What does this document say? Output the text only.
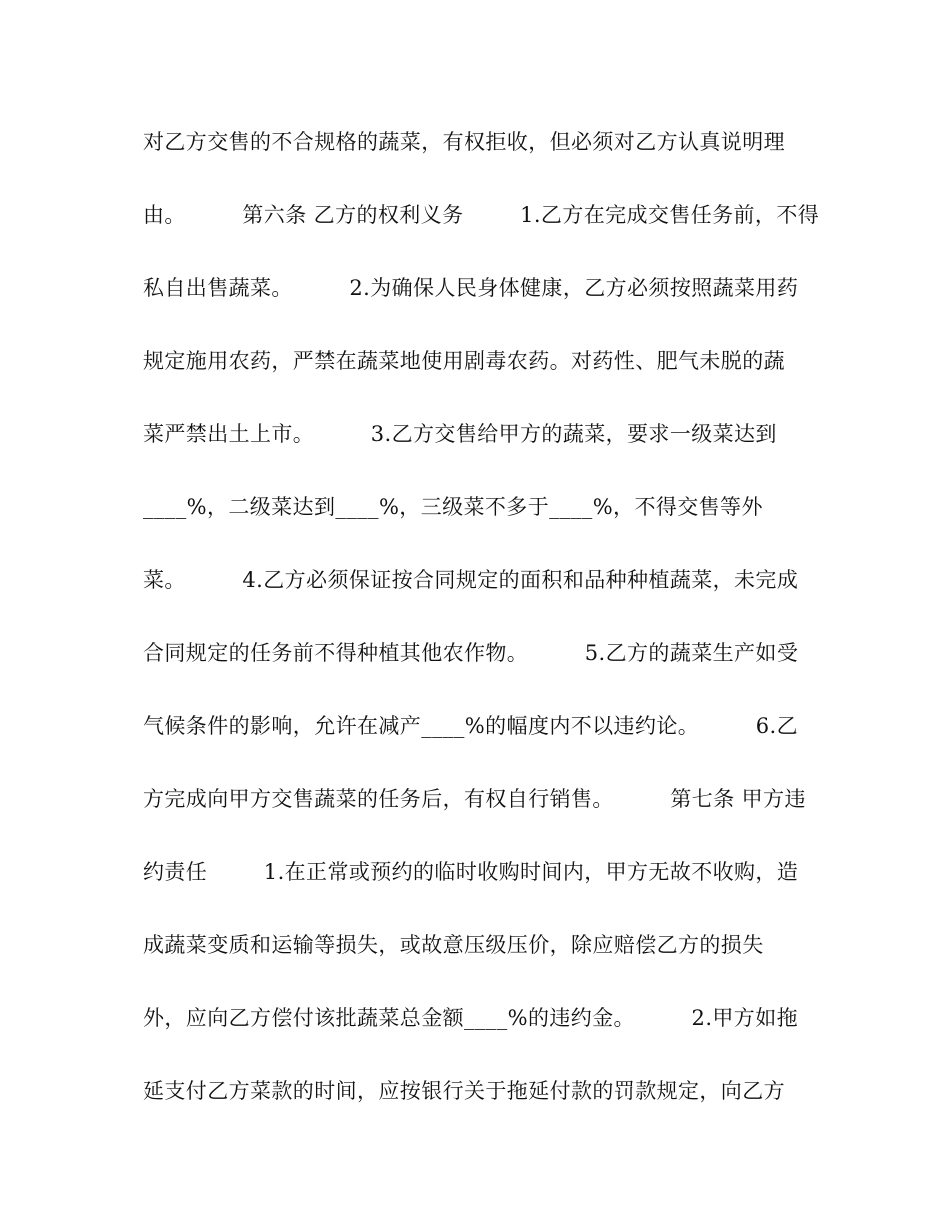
对乙方交售的不合规格的蔬菜，有权拒收，但必须对乙方认真说明理
由。        第六条 乙方的权利义务        1.乙方在完成交售任务前，不得
私自出售蔬菜。        2.为确保人民身体健康，乙方必须按照蔬菜用药
规定施用农药，严禁在蔬菜地使用剧毒农药。对药性、肥气未脱的蔬
菜严禁出土上市。        3.乙方交售给甲方的蔬菜，要求一级菜达到
____%，二级菜达到____%，三级菜不多于____%，不得交售等外
菜。        4.乙方必须保证按合同规定的面积和品种种植蔬菜，未完成
合同规定的任务前不得种植其他农作物。        5.乙方的蔬菜生产如受
气候条件的影响，允许在减产____%的幅度内不以违约论。        6.乙
方完成向甲方交售蔬菜的任务后，有权自行销售。        第七条 甲方违
约责任        1.在正常或预约的临时收购时间内，甲方无故不收购，造
成蔬菜变质和运输等损失，或故意压级压价，除应赔偿乙方的损失
外，应向乙方偿付该批蔬菜总金额____%的违约金。        2.甲方如拖
延支付乙方菜款的时间，应按银行关于拖延付款的罚款规定，向乙方
